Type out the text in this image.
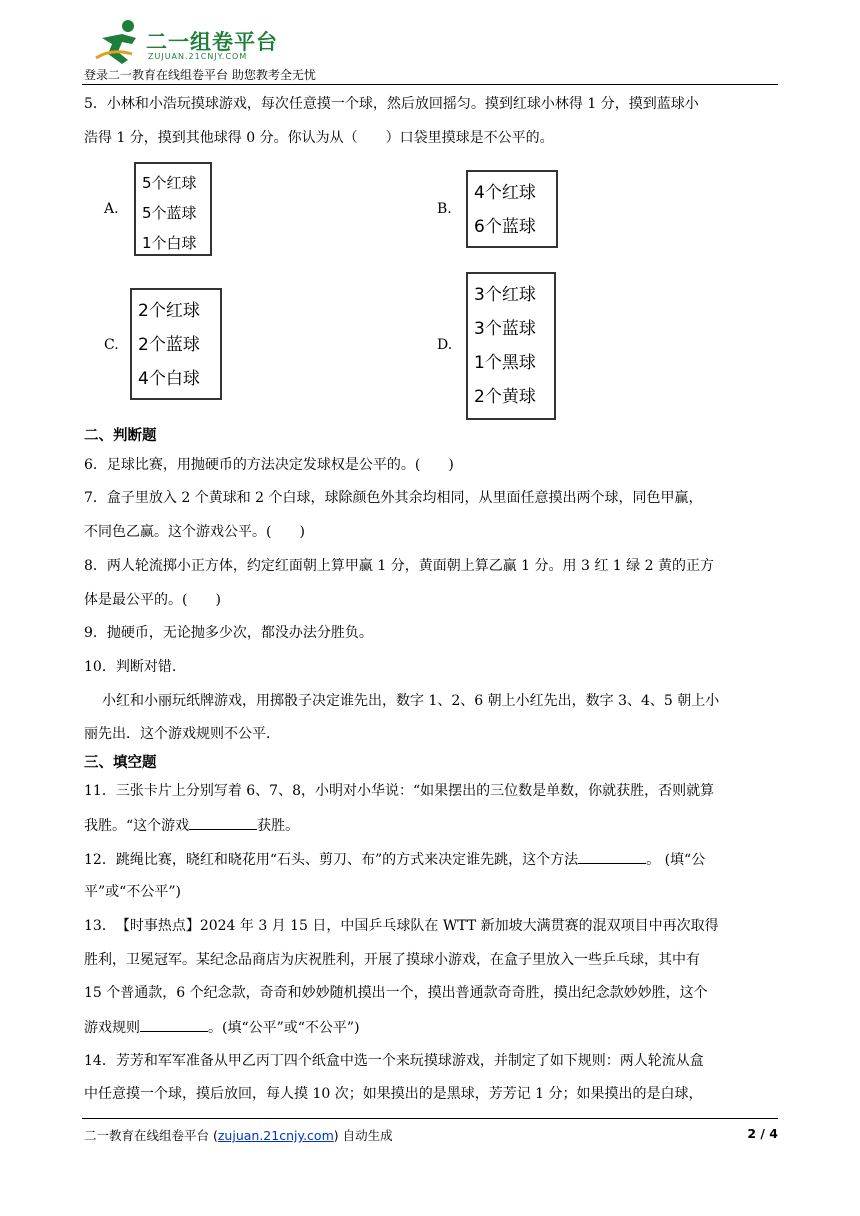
二一组卷平台
ZUJUAN.21CNJY.COM
登录二一教育在线组卷平台 助您教考全无忧
5．小林和小浩玩摸球游戏，每次任意摸一个球，然后放回摇匀。摸到红球小林得 1 分，摸到蓝球小
浩得 1 分，摸到其他球得 0 分。你认为从（　　）口袋里摸球是不公平的。
A.
5个红球
5个蓝球
1个白球
B.
4个红球
6个蓝球
C.
2个红球
2个蓝球
4个白球
D.
3个红球
3个蓝球
1个黑球
2个黄球
二、判断题
6．足球比赛，用抛硬币的方法决定发球权是公平的。(　　)
7．盒子里放入 2 个黄球和 2 个白球，球除颜色外其余均相同，从里面任意摸出两个球，同色甲赢，
不同色乙赢。这个游戏公平。(　　)
8．两人轮流掷小正方体，约定红面朝上算甲赢 1 分，黄面朝上算乙赢 1 分。用 3 红 1 绿 2 黄的正方
体是最公平的。(　　)
9．抛硬币，无论抛多少次，都没办法分胜负。
10．判断对错.
小红和小丽玩纸牌游戏，用掷骰子决定谁先出，数字 1、2、6 朝上小红先出，数字 3、4、5 朝上小
丽先出．这个游戏规则不公平．
三、填空题
11．三张卡片上分别写着 6、7、8，小明对小华说：“如果摆出的三位数是单数，你就获胜，否则就算
我胜。“这个游戏	获胜。
12．跳绳比赛，晓红和晓花用“石头、剪刀、布”的方式来决定谁先跳，这个方法	。 (填“公
平”或“不公平”)
13．　【时事热点】2024 年 3 月 15 日，中国乒乓球队在 WTT 新加坡大满贯赛的混双项目中再次取得
胜利，卫冕冠军。某纪念品商店为庆祝胜利，开展了摸球小游戏，在盒子里放入一些乒乓球，其中有
15 个普通款，6 个纪念款，奇奇和妙妙随机摸出一个，摸出普通款奇奇胜，摸出纪念款妙妙胜，这个
游戏规则	。(填“公平”或“不公平”)
14．芳芳和军军准备从甲乙丙丁四个纸盒中选一个来玩摸球游戏，并制定了如下规则：两人轮流从盒
中任意摸一个球，摸后放回，每人摸 10 次；如果摸出的是黑球，芳芳记 1 分；如果摸出的是白球，
二一教育在线组卷平台 (zujuan.21cnjy.com) 自动生成	2 / 4
